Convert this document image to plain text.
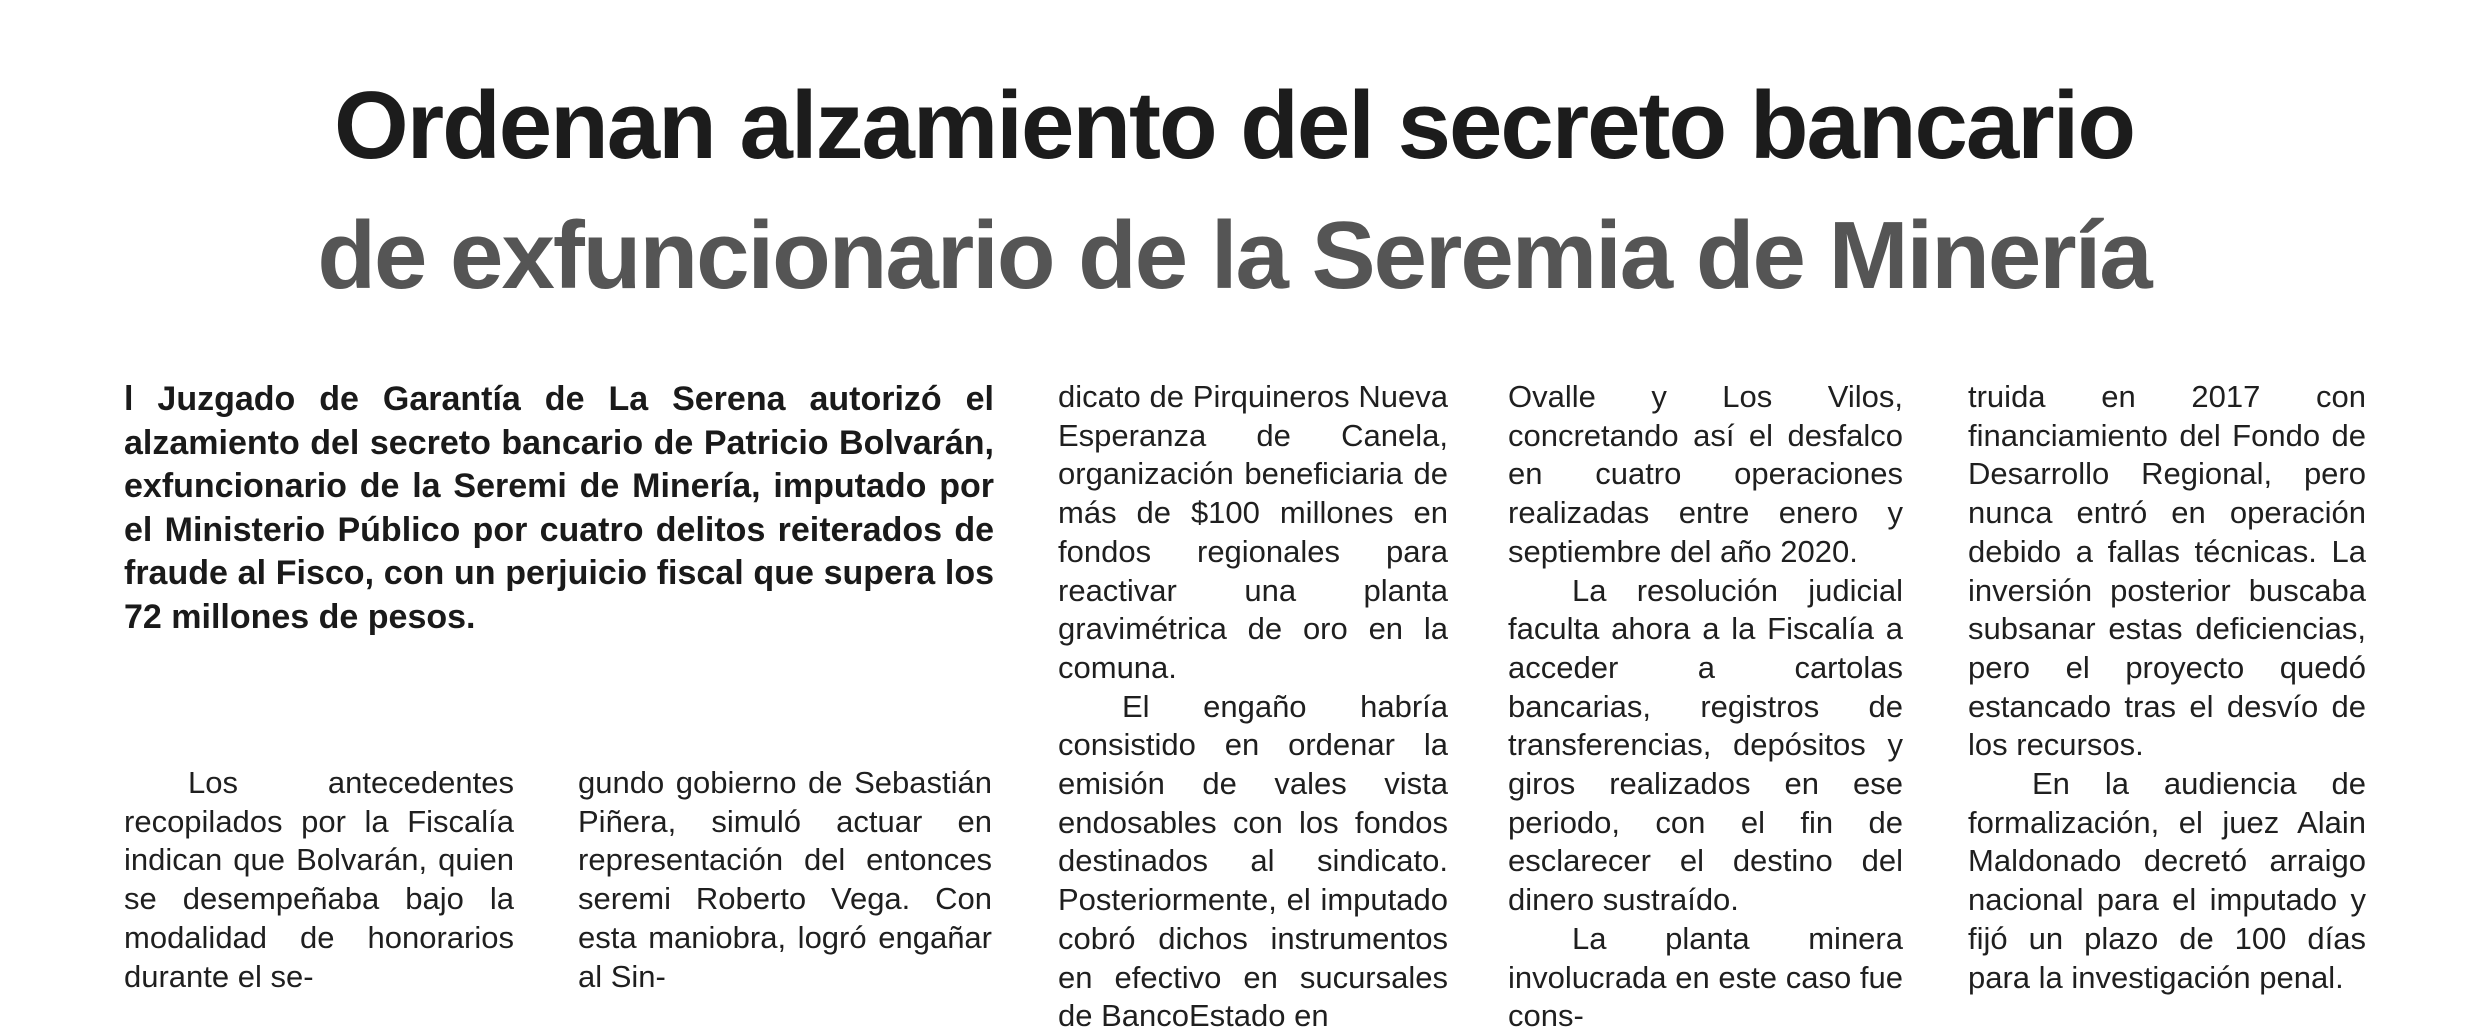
Ordenan alzamiento del secreto bancario
de exfuncionario de la Seremia de Minería
l Juzgado de Garantía de La Serena autorizó el alzamiento del secreto bancario de Patricio Bolvarán, exfuncionario de la Seremi de Minería, imputado por el Ministerio Público por cuatro delitos reiterados de fraude al Fisco, con un perjuicio fiscal que supera los 72 millones de pesos.

Los antecedentes recopilados por la Fiscalía indican que Bolvarán, quien se desempeñaba bajo la modalidad de honorarios durante el se-

gundo gobierno de Sebastián Piñera, simuló actuar en representación del entonces seremi Roberto Vega. Con esta maniobra, logró engañar al Sin-

dicato de Pirquineros Nueva Esperanza de Canela, organización beneficiaria de más de $100 millones en fondos regionales para reactivar una planta gravimétrica de oro en la comuna.

El engaño habría consistido en ordenar la emisión de vales vista endosables con los fondos destinados al sindicato. Posteriormente, el imputado cobró dichos instrumentos en efectivo en sucursales de BancoEstado en

Ovalle y Los Vilos, concretando así el desfalco en cuatro operaciones realizadas entre enero y septiembre del año 2020.

La resolución judicial faculta ahora a la Fiscalía a acceder a cartolas bancarias, registros de transferencias, depósitos y giros realizados en ese periodo, con el fin de esclarecer el destino del dinero sustraído.

La planta minera involucrada en este caso fue cons-

truida en 2017 con financiamiento del Fondo de Desarrollo Regional, pero nunca entró en operación debido a fallas técnicas. La inversión posterior buscaba subsanar estas deficiencias, pero el proyecto quedó estancado tras el desvío de los recursos.

En la audiencia de formalización, el juez Alain Maldonado decretó arraigo nacional para el imputado y fijó un plazo de 100 días para la investigación penal.
